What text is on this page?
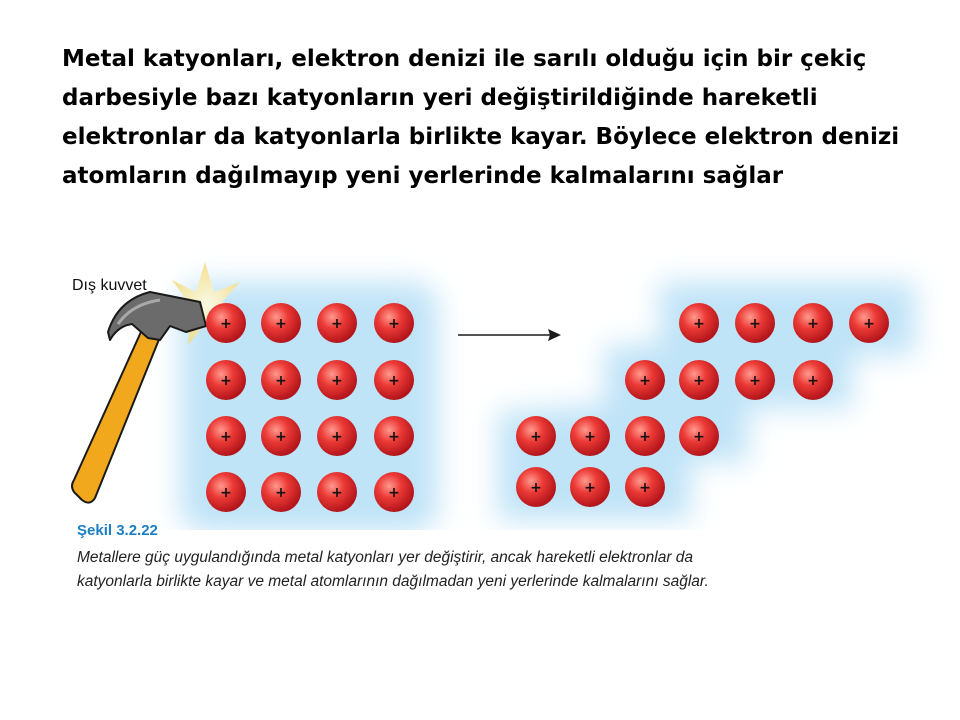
Metal katyonları, elektron denizi ile sarılı olduğu için bir çekiç
darbesiyle bazı katyonların yeri değiştirildiğinde hareketli
elektronlar da katyonlarla birlikte kayar. Böylece elektron denizi
atomların dağılmayıp yeni yerlerinde kalmalarını sağlar
Dış kuvvet
+	+	+	+
+	+	+	+
+	+	+	+
+	+	+	+
+	+	+	+
+	+	+	+
+	+	+	+
+	+	+

Şekil 3.2.22

Metallere güç uygulandığında metal katyonları yer değiştirir, ancak hareketli elektronlar da
katyonlarla birlikte kayar ve metal atomlarının dağılmadan yeni yerlerinde kalmalarını sağlar.
